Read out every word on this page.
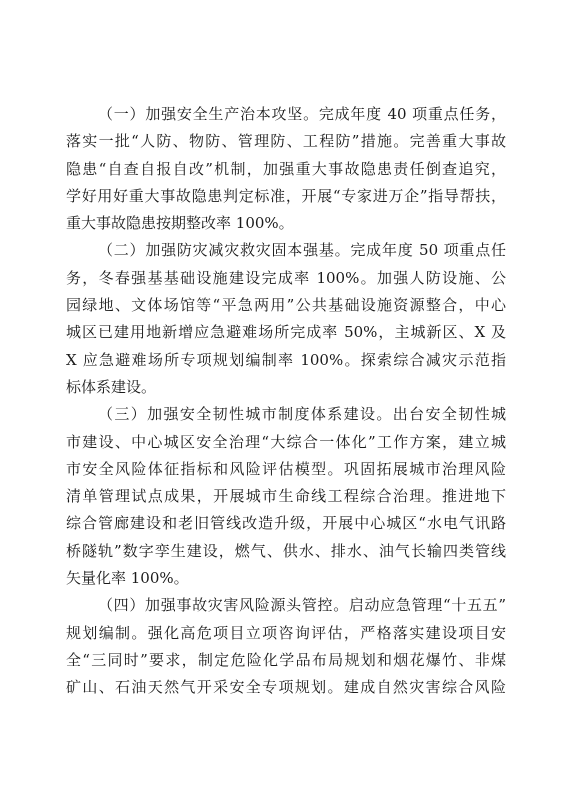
（一）加强安全生产治本攻坚。完成年度 40 项重点任务，
落实一批“人防、物防、管理防、工程防”措施。完善重大事故
隐患“自查自报自改”机制，加强重大事故隐患责任倒查追究，
学好用好重大事故隐患判定标准，开展“专家进万企”指导帮扶，
重大事故隐患按期整改率 100%。
（二）加强防灾减灾救灾固本强基。完成年度 50 项重点任
务，冬春强基基础设施建设完成率 100%。加强人防设施、公
园绿地、文体场馆等“平急两用”公共基础设施资源整合，中心
城区已建用地新增应急避难场所完成率 50%，主城新区、X 及
X 应急避难场所专项规划编制率 100%。探索综合减灾示范指
标体系建设。
（三）加强安全韧性城市制度体系建设。出台安全韧性城
市建设、中心城区安全治理“大综合一体化”工作方案，建立城
市安全风险体征指标和风险评估模型。巩固拓展城市治理风险
清单管理试点成果，开展城市生命线工程综合治理。推进地下
综合管廊建设和老旧管线改造升级，开展中心城区“水电气讯路
桥隧轨”数字孪生建设，燃气、供水、排水、油气长输四类管线
矢量化率 100%。
（四）加强事故灾害风险源头管控。启动应急管理“十五五”
规划编制。强化高危项目立项咨询评估，严格落实建设项目安
全“三同时”要求，制定危险化学品布局规划和烟花爆竹、非煤
矿山、石油天然气开采安全专项规划。建成自然灾害综合风险
